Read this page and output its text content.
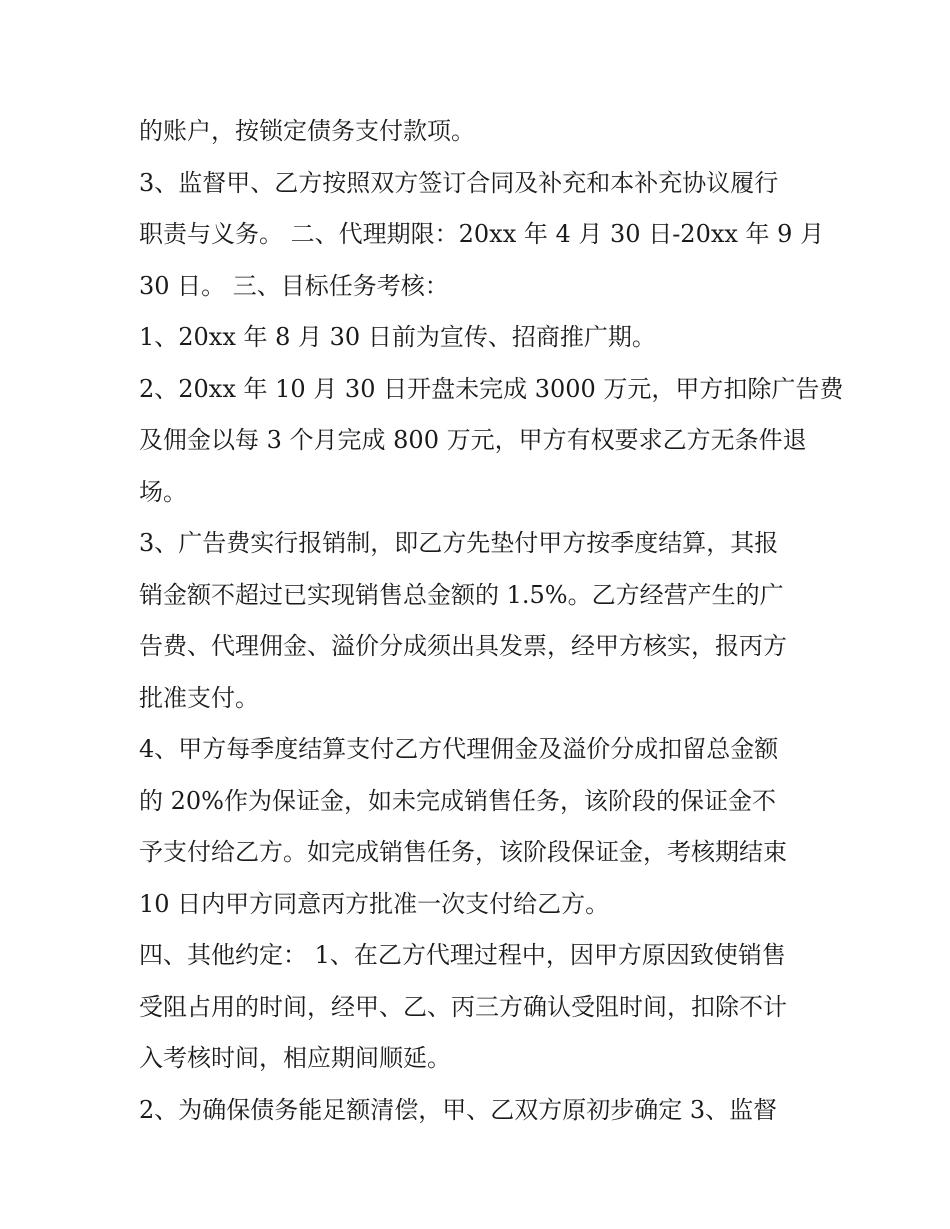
的账户，按锁定债务支付款项。
3、监督甲、乙方按照双方签订合同及补充和本补充协议履行
职责与义务。 二、代理期限：20xx 年 4 月 30 日-20xx 年 9 月
30 日。 三、目标任务考核：
1、20xx 年 8 月 30 日前为宣传、招商推广期。
2、20xx 年 10 月 30 日开盘未完成 3000 万元，甲方扣除广告费
及佣金以每 3 个月完成 800 万元，甲方有权要求乙方无条件退
场。
3、广告费实行报销制，即乙方先垫付甲方按季度结算，其报
销金额不超过已实现销售总金额的 1.5%。乙方经营产生的广
告费、代理佣金、溢价分成须出具发票，经甲方核实，报丙方
批准支付。
4、甲方每季度结算支付乙方代理佣金及溢价分成扣留总金额
的 20%作为保证金，如未完成销售任务，该阶段的保证金不
予支付给乙方。如完成销售任务，该阶段保证金，考核期结束
10 日内甲方同意丙方批准一次支付给乙方。
四、其他约定： 1、在乙方代理过程中，因甲方原因致使销售
受阻占用的时间，经甲、乙、丙三方确认受阻时间，扣除不计
入考核时间，相应期间顺延。
2、为确保债务能足额清偿，甲、乙双方原初步确定 3、监督
